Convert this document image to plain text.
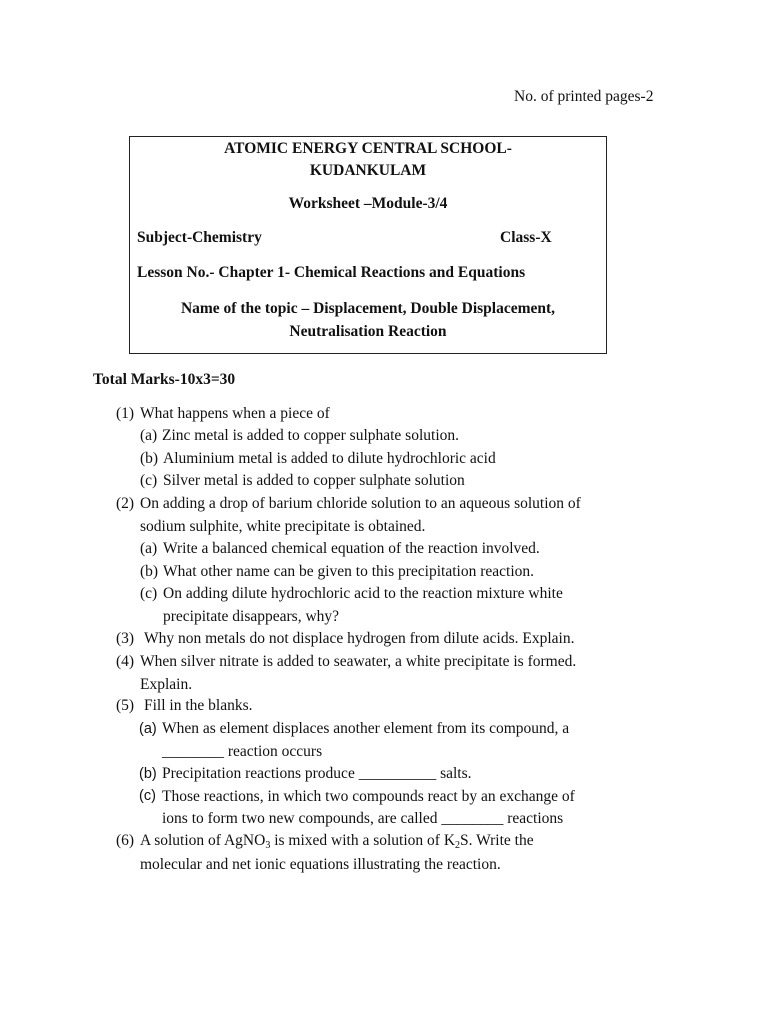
No. of printed pages-2
ATOMIC ENERGY CENTRAL SCHOOL-
KUDANKULAM
Worksheet –Module-3/4
Subject-Chemistry	Class-X
Lesson No.- Chapter 1- Chemical Reactions and Equations
Name of the topic – Displacement, Double Displacement,
Neutralisation Reaction
Total Marks-10x3=30
(1) What happens when a piece of
(a) Zinc metal is added to copper sulphate solution.
(b) Aluminium metal is added to dilute hydrochloric acid
(c) Silver metal is added to copper sulphate solution
(2) On adding a drop of barium chloride solution to an aqueous solution of
sodium sulphite, white precipitate is obtained.
(a) Write a balanced chemical equation of the reaction involved.
(b) What other name can be given to this precipitation reaction.
(c) On adding dilute hydrochloric acid to the reaction mixture white
precipitate disappears, why?
(3) Why non metals do not displace hydrogen from dilute acids. Explain.
(4) When silver nitrate is added to seawater, a white precipitate is formed.
Explain.
(5) Fill in the blanks.
(a) When as element displaces another element from its compound, a
________ reaction occurs
(b) Precipitation reactions produce __________ salts.
(c) Those reactions, in which two compounds react by an exchange of
ions to form two new compounds, are called ________ reactions
(6) A solution of AgNO$_3$ is mixed with a solution of $K_2S$. Write the
molecular and net ionic equations illustrating the reaction.
